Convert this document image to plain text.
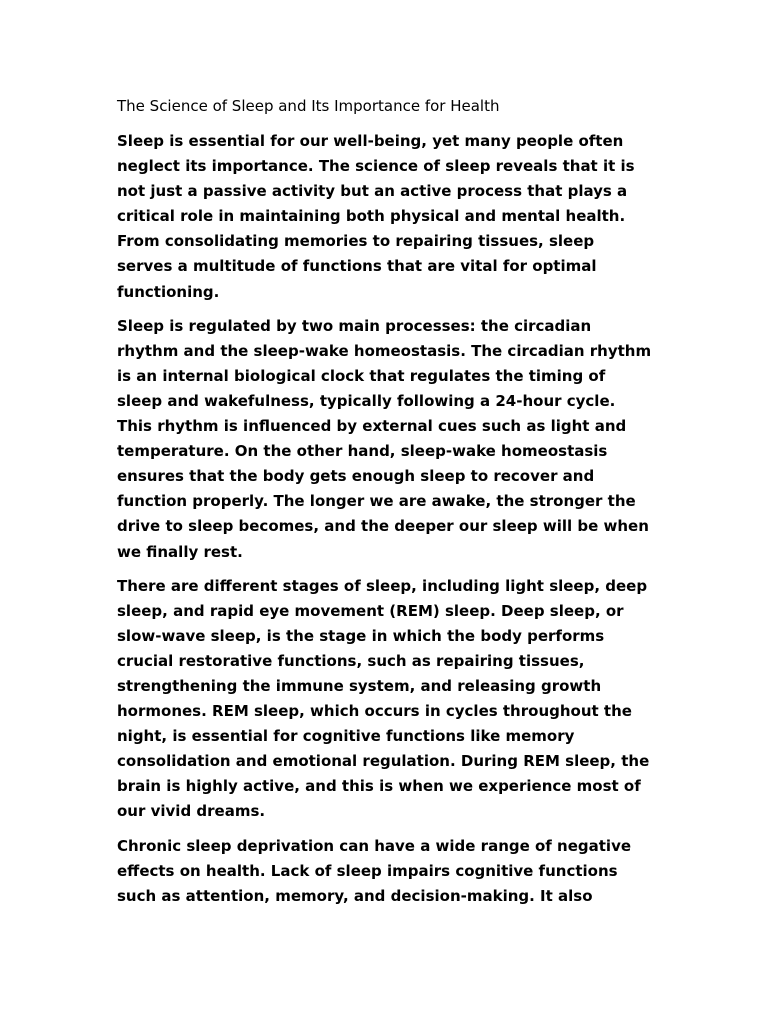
The Science of Sleep and Its Importance for Health

Sleep is essential for our well-being, yet many people often neglect its importance. The science of sleep reveals that it is not just a passive activity but an active process that plays a critical role in maintaining both physical and mental health. From consolidating memories to repairing tissues, sleep serves a multitude of functions that are vital for optimal functioning.

Sleep is regulated by two main processes: the circadian rhythm and the sleep-wake homeostasis. The circadian rhythm is an internal biological clock that regulates the timing of sleep and wakefulness, typically following a 24-hour cycle. This rhythm is influenced by external cues such as light and temperature. On the other hand, sleep-wake homeostasis ensures that the body gets enough sleep to recover and function properly. The longer we are awake, the stronger the drive to sleep becomes, and the deeper our sleep will be when we finally rest.

There are different stages of sleep, including light sleep, deep sleep, and rapid eye movement (REM) sleep. Deep sleep, or slow-wave sleep, is the stage in which the body performs crucial restorative functions, such as repairing tissues, strengthening the immune system, and releasing growth hormones. REM sleep, which occurs in cycles throughout the night, is essential for cognitive functions like memory consolidation and emotional regulation. During REM sleep, the brain is highly active, and this is when we experience most of our vivid dreams.

Chronic sleep deprivation can have a wide range of negative effects on health. Lack of sleep impairs cognitive functions such as attention, memory, and decision-making. It also
